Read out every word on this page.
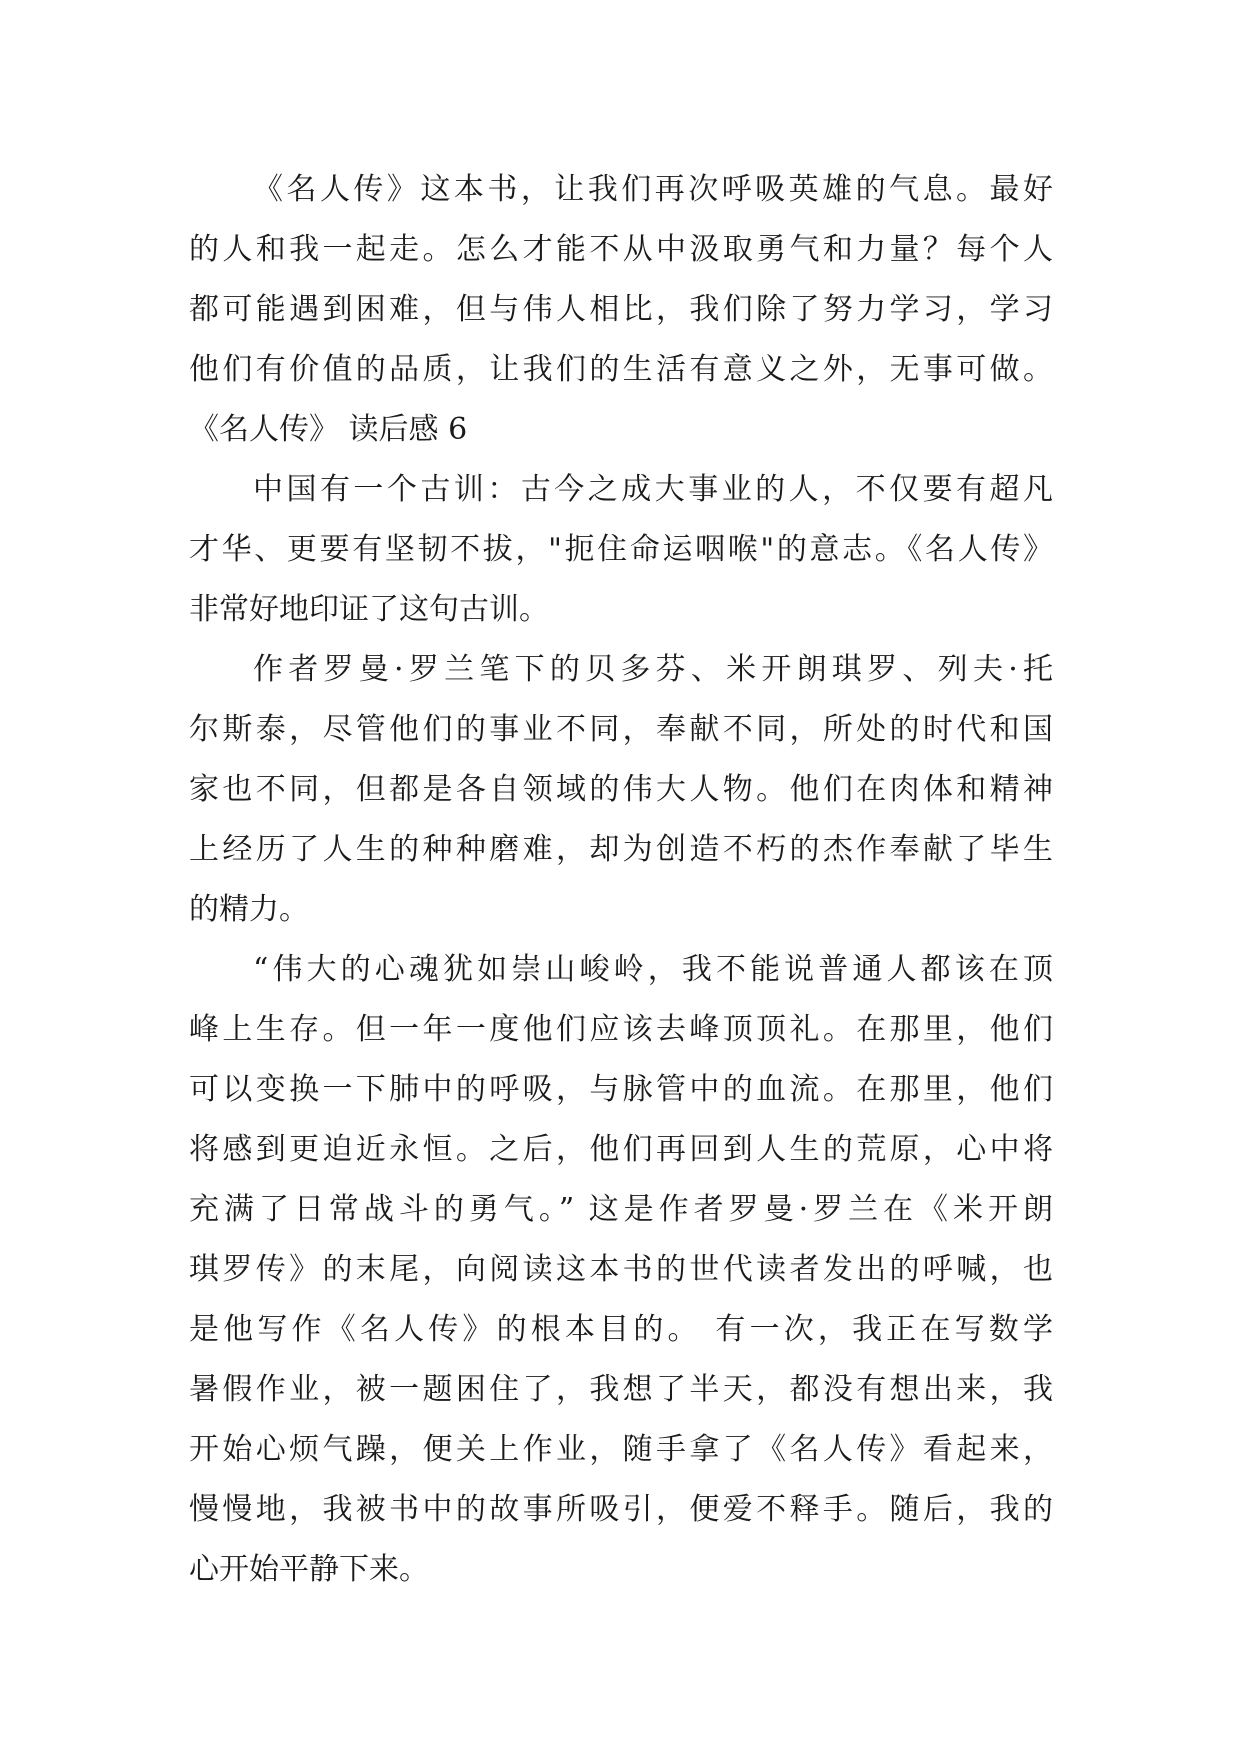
《名人传》这本书，让我们再次呼吸英雄的气息。最好
的人和我一起走。怎么才能不从中汲取勇气和力量？每个人
都可能遇到困难，但与伟人相比，我们除了努力学习，学习
他们有价值的品质，让我们的生活有意义之外，无事可做。
《名人传》 读后感 6
中国有一个古训：古今之成大事业的人，不仅要有超凡
才华、更要有坚韧不拔，"扼住命运咽喉"的意志。《名人传》
非常好地印证了这句古训。
作者罗曼·罗兰笔下的贝多芬、米开朗琪罗、列夫·托
尔斯泰，尽管他们的事业不同，奉献不同，所处的时代和国
家也不同，但都是各自领域的伟大人物。他们在肉体和精神
上经历了人生的种种磨难，却为创造不朽的杰作奉献了毕生
的精力。
“伟大的心魂犹如崇山峻岭，我不能说普通人都该在顶
峰上生存。但一年一度他们应该去峰顶顶礼。在那里，他们
可以变换一下肺中的呼吸，与脉管中的血流。在那里，他们
将感到更迫近永恒。之后，他们再回到人生的荒原，心中将
充满了日常战斗的勇气。” 这是作者罗曼·罗兰在《米开朗
琪罗传》的末尾，向阅读这本书的世代读者发出的呼喊，也
是他写作《名人传》的根本目的。 有一次，我正在写数学
暑假作业，被一题困住了，我想了半天，都没有想出来，我
开始心烦气躁，便关上作业，随手拿了《名人传》看起来，
慢慢地，我被书中的故事所吸引，便爱不释手。随后，我的
心开始平静下来。
